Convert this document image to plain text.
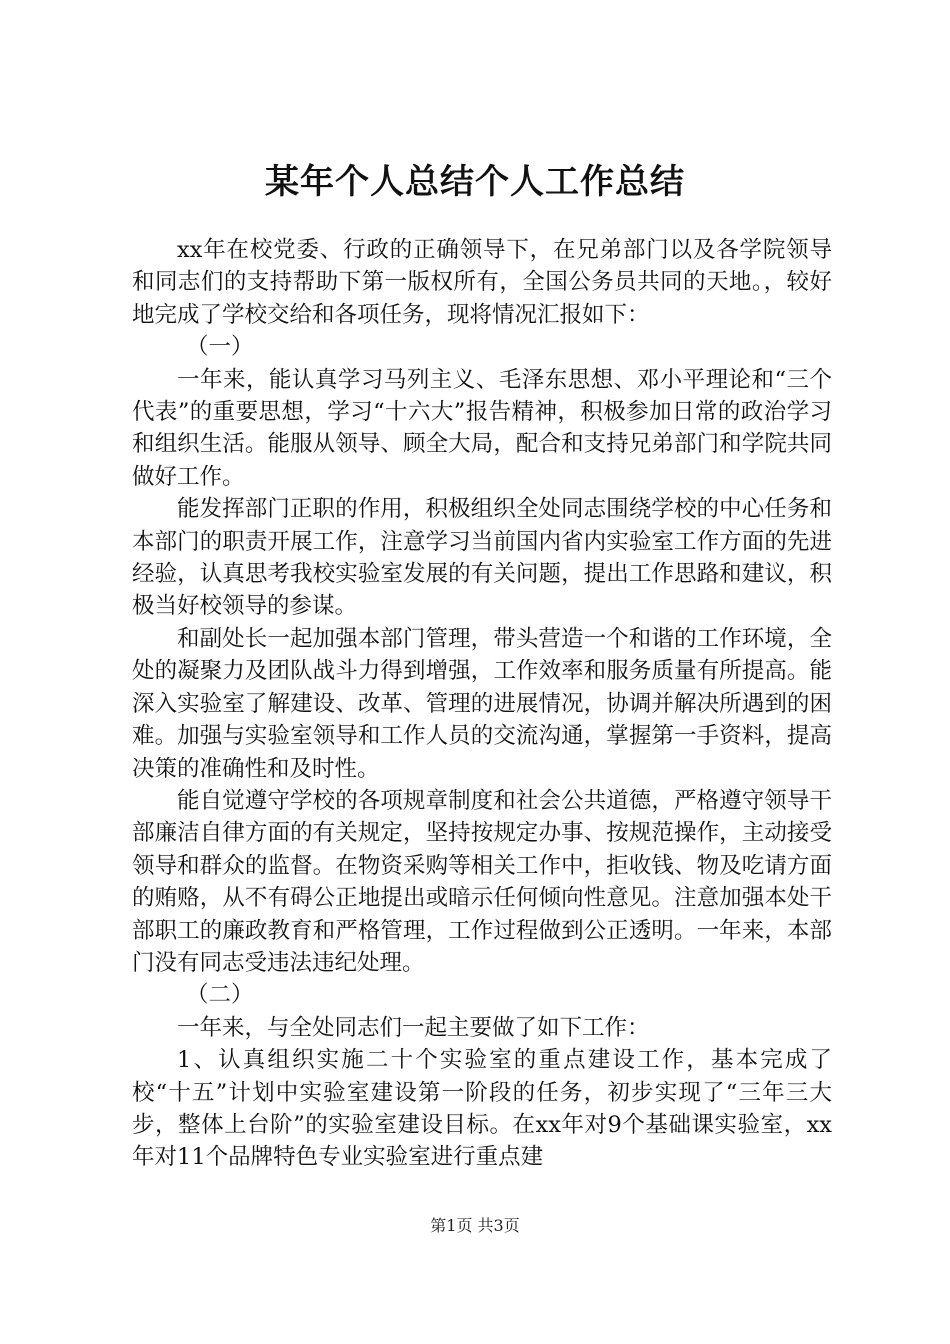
某年个人总结个人工作总结

xx年在校党委、行政的正确领导下，在兄弟部门以及各学院领导和同志们的支持帮助下第一版权所有，全国公务员共同的天地。，较好地完成了学校交给和各项任务，现将情况汇报如下：

（一）

一年来，能认真学习马列主义、毛泽东思想、邓小平理论和“三个代表”的重要思想，学习“十六大”报告精神，积极参加日常的政治学习和组织生活。能服从领导、顾全大局，配合和支持兄弟部门和学院共同做好工作。

能发挥部门正职的作用，积极组织全处同志围绕学校的中心任务和本部门的职责开展工作，注意学习当前国内省内实验室工作方面的先进经验，认真思考我校实验室发展的有关问题，提出工作思路和建议，积极当好校领导的参谋。

和副处长一起加强本部门管理，带头营造一个和谐的工作环境，全处的凝聚力及团队战斗力得到增强，工作效率和服务质量有所提高。能深入实验室了解建设、改革、管理的进展情况，协调并解决所遇到的困难。加强与实验室领导和工作人员的交流沟通，掌握第一手资料，提高决策的准确性和及时性。

能自觉遵守学校的各项规章制度和社会公共道德，严格遵守领导干部廉洁自律方面的有关规定，坚持按规定办事、按规范操作，主动接受领导和群众的监督。在物资采购等相关工作中，拒收钱、物及吃请方面的贿赂，从不有碍公正地提出或暗示任何倾向性意见。注意加强本处干部职工的廉政教育和严格管理，工作过程做到公正透明。一年来，本部门没有同志受违法违纪处理。

（二）

一年来，与全处同志们一起主要做了如下工作：

1、认真组织实施二十个实验室的重点建设工作，基本完成了校“十五”计划中实验室建设第一阶段的任务，初步实现了“三年三大步，整体上台阶”的实验室建设目标。在xx年对9个基础课实验室，xx年对11个品牌特色专业实验室进行重点建

第1页 共3页
